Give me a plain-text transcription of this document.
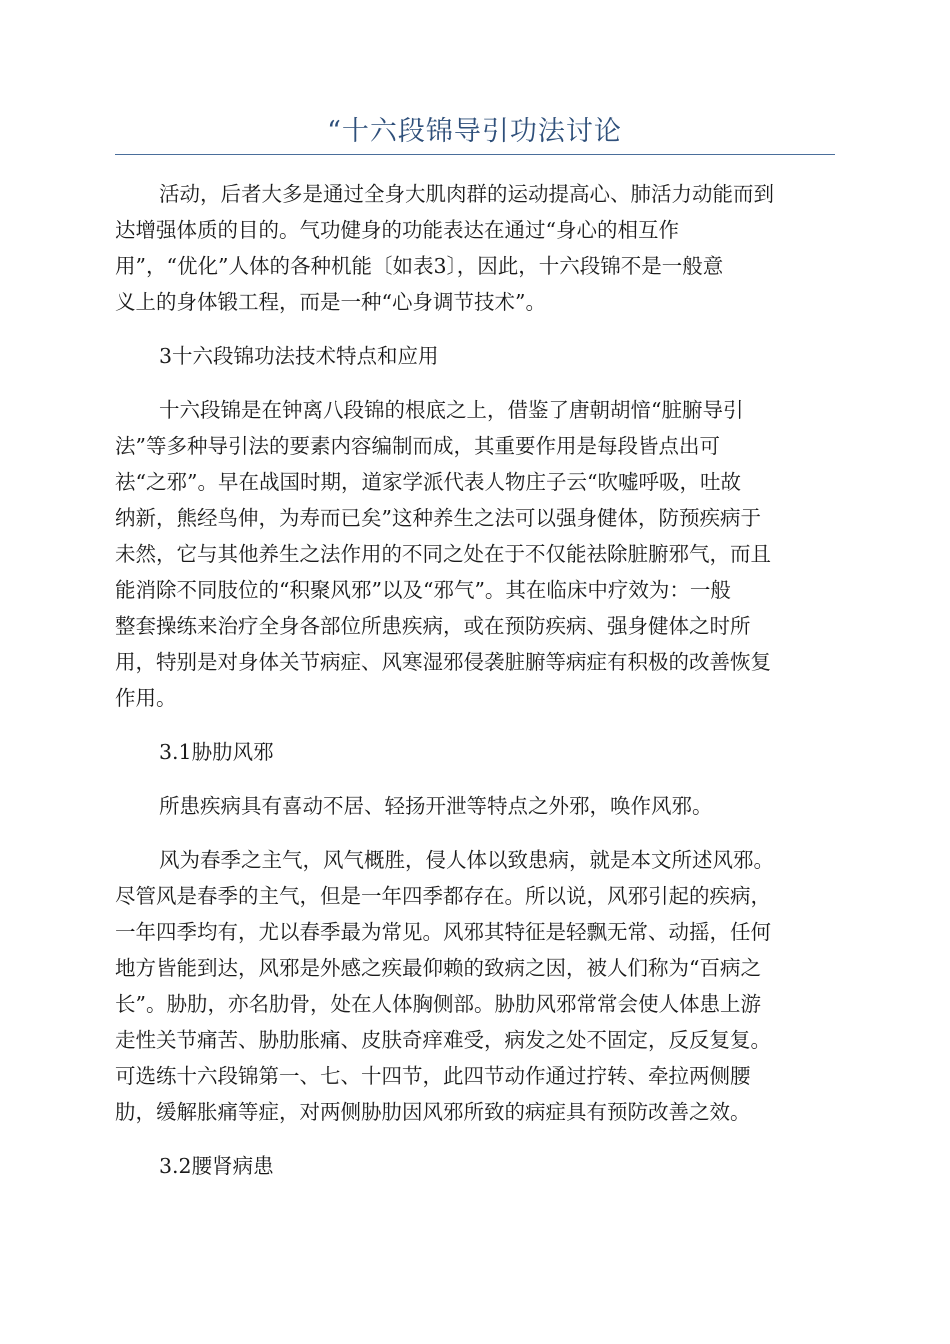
“十六段锦导引功法讨论
活动，后者大多是通过全身大肌肉群的运动提高心、肺活力动能而到
达增强体质的目的。气功健身的功能表达在通过“身心的相互作
用”，“优化”人体的各种机能〔如表3〕，因此，十六段锦不是一般意
义上的身体锻工程，而是一种“心身调节技术”。
3十六段锦功法技术特点和应用
十六段锦是在钟离八段锦的根底之上，借鉴了唐朝胡愔“脏腑导引
法”等多种导引法的要素内容编制而成，其重要作用是每段皆点出可
祛“之邪”。早在战国时期，道家学派代表人物庄子云“吹嘘呼吸，吐故
纳新，熊经鸟伸，为寿而已矣”这种养生之法可以强身健体，防预疾病于
未然，它与其他养生之法作用的不同之处在于不仅能祛除脏腑邪气，而且
能消除不同肢位的“积聚风邪”以及“邪气”。其在临床中疗效为：一般
整套操练来治疗全身各部位所患疾病，或在预防疾病、强身健体之时所
用，特别是对身体关节病症、风寒湿邪侵袭脏腑等病症有积极的改善恢复
作用。
3.1胁肋风邪
所患疾病具有喜动不居、轻扬开泄等特点之外邪，唤作风邪。
风为春季之主气，风气概胜，侵人体以致患病，就是本文所述风邪。
尽管风是春季的主气，但是一年四季都存在。所以说，风邪引起的疾病，
一年四季均有，尤以春季最为常见。风邪其特征是轻飘无常、动摇，任何
地方皆能到达，风邪是外感之疾最仰赖的致病之因，被人们称为“百病之
长”。胁肋，亦名肋骨，处在人体胸侧部。胁肋风邪常常会使人体患上游
走性关节痛苦、胁肋胀痛、皮肤奇痒难受，病发之处不固定，反反复复。
可选练十六段锦第一、七、十四节，此四节动作通过拧转、牵拉两侧腰
肋，缓解胀痛等症，对两侧胁肋因风邪所致的病症具有预防改善之效。
3.2腰肾病患
